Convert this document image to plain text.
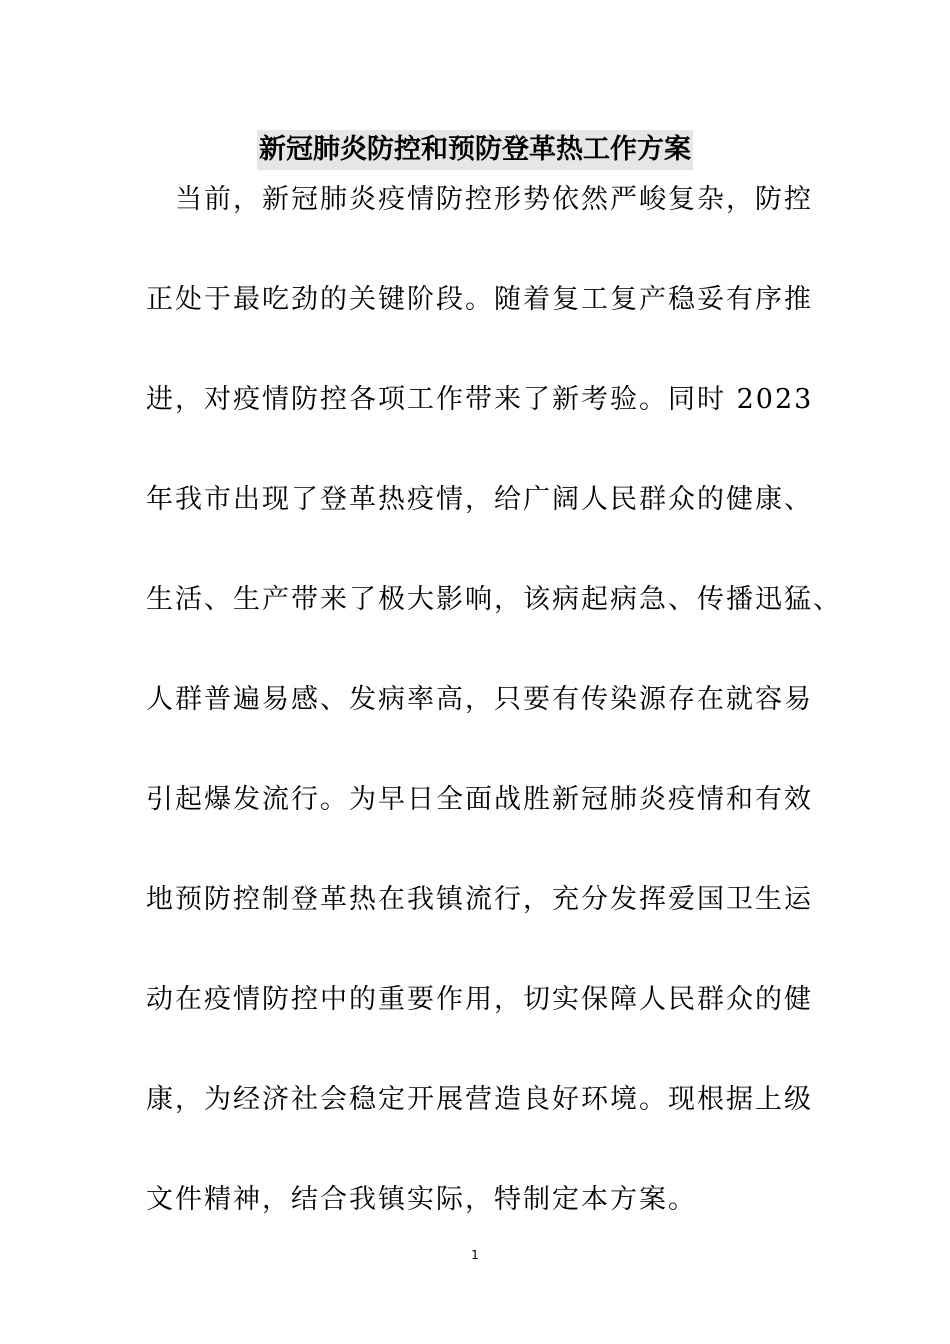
新冠肺炎防控和预防登革热工作方案
　当前，新冠肺炎疫情防控形势依然严峻复杂，防控
正处于最吃劲的关键阶段。随着复工复产稳妥有序推
进，对疫情防控各项工作带来了新考验。同时 2023
年我市出现了登革热疫情，给广阔人民群众的健康、
生活、生产带来了极大影响，该病起病急、传播迅猛、
人群普遍易感、发病率高，只要有传染源存在就容易
引起爆发流行。为早日全面战胜新冠肺炎疫情和有效
地预防控制登革热在我镇流行，充分发挥爱国卫生运
动在疫情防控中的重要作用，切实保障人民群众的健
康，为经济社会稳定开展营造良好环境。现根据上级
文件精神，结合我镇实际，特制定本方案。
1
